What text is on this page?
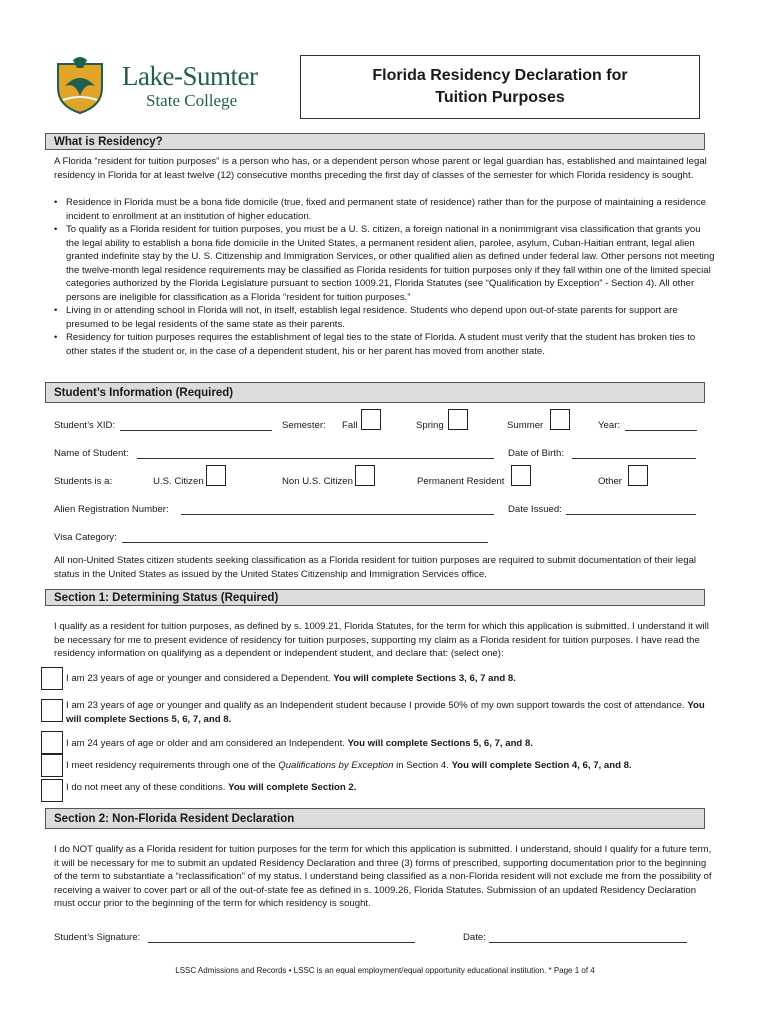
Lake-Sumter
State College
Florida Residency Declaration for
Tuition Purposes
What is Residency?
A Florida “resident for tuition purposes” is a person who has, or a dependent person whose parent or legal guardian has, established and maintained legal residency in Florida for at least twelve (12) consecutive months preceding the first day of classes of the semester for which Florida residency is sought.
• Residence in Florida must be a bona fide domicile (true, fixed and permanent state of residence) rather than for the purpose of maintaining a residence incident to enrollment at an institution of higher education.
• To qualify as a Florida resident for tuition purposes, you must be a U. S. citizen, a foreign national in a nonimmigrant visa classification that grants you the legal ability to establish a bona fide domicile in the United States, a permanent resident alien, parolee, asylum, Cuban-Haitian entrant, legal alien granted indefinite stay by the U. S. Citizenship and Immigration Services, or other qualified alien as defined under federal law. Other persons not meeting the twelve-month legal residence requirements may be classified as Florida residents for tuition purposes only if they fall within one of the limited special categories authorized by the Florida Legislature pursuant to section 1009.21, Florida Statutes (see “Qualification by Exception” - Section 4). All other persons are ineligible for classification as a Florida “resident for tuition purposes.”
• Living in or attending school in Florida will not, in itself, establish legal residence. Students who depend upon out-of-state parents for support are presumed to be legal residents of the same state as their parents.
• Residency for tuition purposes requires the establishment of legal ties to the state of Florida. A student must verify that the student has broken ties to other states if the student or, in the case of a dependent student, his or her parent has moved from another state.
Student’s Information (Required)
Student’s XID:	Semester: Fall	Spring	Summer	Year:
Name of Student:	Date of Birth:
Students is a:	U.S. Citizen	Non U.S. Citizen	Permanent Resident	Other
Alien Registration Number:	Date Issued:
Visa Category:
All non-United States citizen students seeking classification as a Florida resident for tuition purposes are required to submit documentation of their legal status in the United States as issued by the United States Citizenship and Immigration Services office.
Section 1: Determining Status (Required)
I qualify as a resident for tuition purposes, as defined by s. 1009.21, Florida Statutes, for the term for which this application is submitted. I understand it will be necessary for me to present evidence of residency for tuition purposes, supporting my claim as a Florida resident for tuition purposes. I have read the residency information on qualifying as a dependent or independent student, and declare that: (select one):
I am 23 years of age or younger and considered a Dependent. You will complete Sections 3, 6, 7 and 8.
I am 23 years of age or younger and qualify as an Independent student because I provide 50% of my own support towards the cost of attendance. You will complete Sections 5, 6, 7, and 8.
I am 24 years of age or older and am considered an Independent. You will complete Sections 5, 6, 7, and 8.
I meet residency requirements through one of the Qualifications by Exception in Section 4. You will complete Section 4, 6, 7, and 8.
I do not meet any of these conditions. You will complete Section 2.
Section 2: Non-Florida Resident Declaration
I do NOT qualify as a Florida resident for tuition purposes for the term for which this application is submitted. I understand, should I qualify for a future term, it will be necessary for me to submit an updated Residency Declaration and three (3) forms of prescribed, supporting documentation prior to the beginning of the term to substantiate a “reclassification” of my status. I understand being classified as a non-Florida resident will not exclude me from the possibility of receiving a waiver to cover part or all of the out-of-state fee as defined in s. 1009.26, Florida Statutes. Submission of an updated Residency Declaration must occur prior to the beginning of the term for which residency is sought.
Student’s Signature:	Date:
LSSC Admissions and Records • LSSC is an equal employment/equal opportunity educational institution. * Page 1 of 4
